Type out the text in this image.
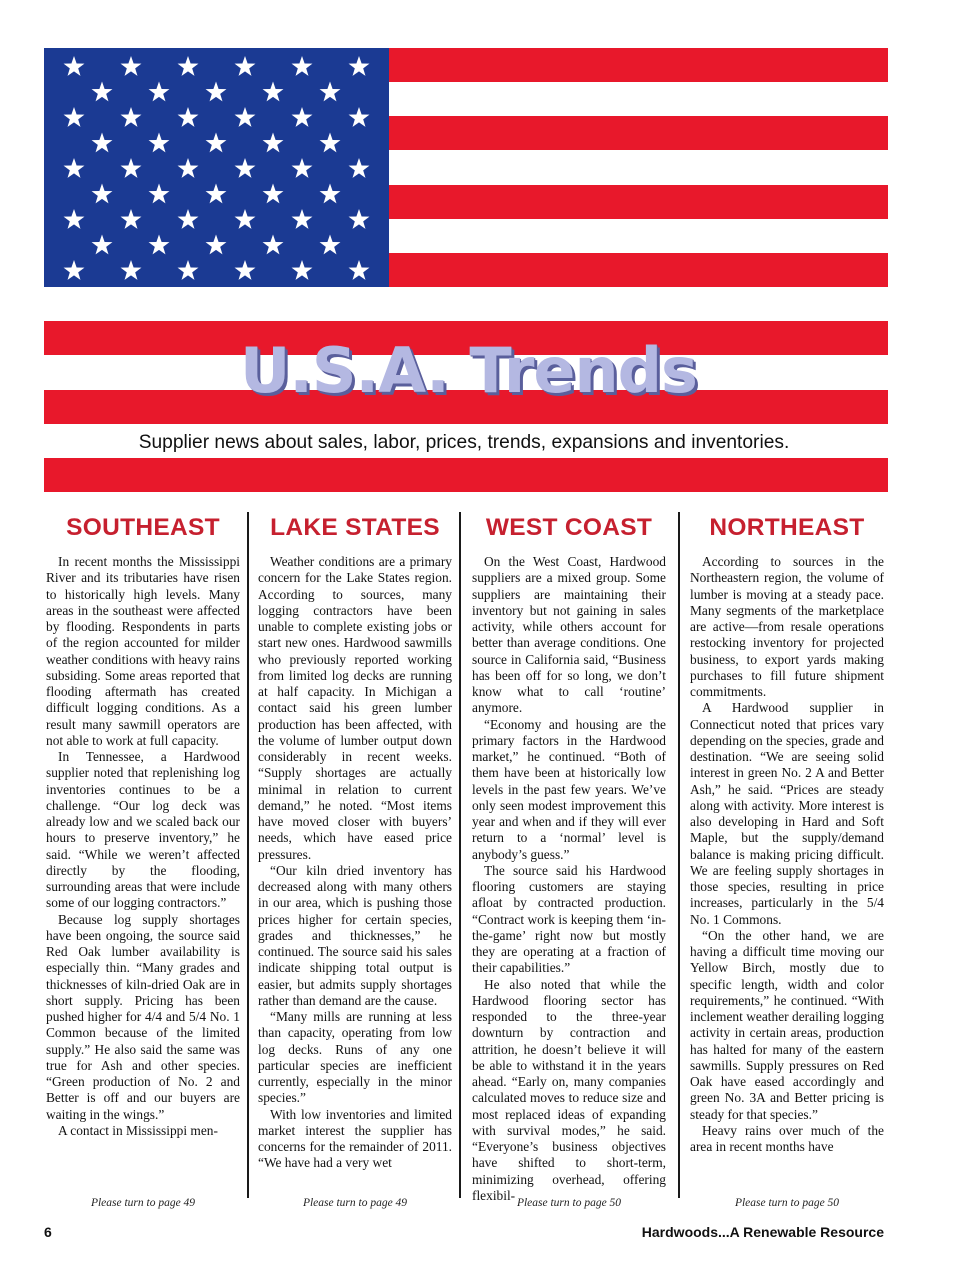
U.S.A. Trends
Supplier news about sales, labor, prices, trends, expansions and inventories.
SOUTHEAST

In recent months the Mississippi River and its tributaries have risen to historically high levels. Many areas in the southeast were affected by flooding. Respondents in parts of the region accounted for milder weather conditions with heavy rains subsiding. Some areas reported that flooding aftermath has created difficult logging conditions. As a result many sawmill operators are not able to work at full capacity.

In Tennessee, a Hardwood supplier noted that replenishing log inventories continues to be a challenge. “Our log deck was already low and we scaled back our hours to preserve inventory,” he said. “While we weren’t affected directly by the flooding, surrounding areas that were include some of our logging contractors.”

Because log supply shortages have been ongoing, the source said Red Oak lumber availability is especially thin. “Many grades and thicknesses of kiln-dried Oak are in short supply. Pricing has been pushed higher for 4/4 and 5/4 No. 1 Common because of the limited supply.” He also said the same was true for Ash and other species. “Green production of No. 2 and Better is off and our buyers are waiting in the wings.”

A contact in Mississippi men-

Please turn to page 49
LAKE STATES

Weather conditions are a primary concern for the Lake States region. According to sources, many logging contractors have been unable to complete existing jobs or start new ones. Hardwood sawmills who previously reported working from limited log decks are running at half capacity. In Michigan a contact said his green lumber production has been affected, with the volume of lumber output down considerably in recent weeks. “Supply shortages are actually minimal in relation to current demand,” he noted. “Most items have moved closer with buyers’ needs, which have eased price pressures.

“Our kiln dried inventory has decreased along with many others in our area, which is pushing those prices higher for certain species, grades and thicknesses,” he continued. The source said his sales indicate shipping total output is easier, but admits supply shortages rather than demand are the cause.

“Many mills are running at less than capacity, operating from low log decks. Runs of any one particular species are inefficient currently, especially in the minor species.”

With low inventories and limited market interest the supplier has concerns for the remainder of 2011. “We have had a very wet

Please turn to page 49
WEST COAST

On the West Coast, Hardwood suppliers are a mixed group. Some suppliers are maintaining their inventory but not gaining in sales activity, while others account for better than average conditions. One source in California said, “Business has been off for so long, we don’t know what to call ‘routine’ anymore.

“Economy and housing are the primary factors in the Hardwood market,” he continued. “Both of them have been at historically low levels in the past few years. We’ve only seen modest improvement this year and when and if they will ever return to a ‘normal’ level is anybody’s guess.”

The source said his Hardwood flooring customers are staying afloat by contracted production. “Contract work is keeping them ‘in-the-game’ right now but mostly they are operating at a fraction of their capabilities.”

He also noted that while the Hardwood flooring sector has responded to the three-year downturn by contraction and attrition, he doesn’t believe it will be able to withstand it in the years ahead. “Early on, many companies calculated moves to reduce size and most replaced ideas of expanding with survival modes,” he said. “Everyone’s business objectives have shifted to short-term, minimizing overhead, offering flexibil-

Please turn to page 50
NORTHEAST

According to sources in the Northeastern region, the volume of lumber is moving at a steady pace. Many segments of the marketplace are active—from resale operations restocking inventory for projected business, to export yards making purchases to fill future shipment commitments.

A Hardwood supplier in Connecticut noted that prices vary depending on the species, grade and destination. “We are seeing solid interest in green No. 2 A and Better Ash,” he said. “Prices are steady along with activity. More interest is also developing in Hard and Soft Maple, but the supply/demand balance is making pricing difficult. We are feeling supply shortages in those species, resulting in price increases, particularly in the 5/4 No. 1 Commons.

“On the other hand, we are having a difficult time moving our Yellow Birch, mostly due to specific length, width and color requirements,” he continued. “With inclement weather derailing logging activity in certain areas, production has halted for many of the eastern sawmills. Supply pressures on Red Oak have eased accordingly and green No. 3A and Better pricing is steady for that species.”

Heavy rains over much of the area in recent months have

Please turn to page 50
6	Hardwoods...A Renewable Resource
